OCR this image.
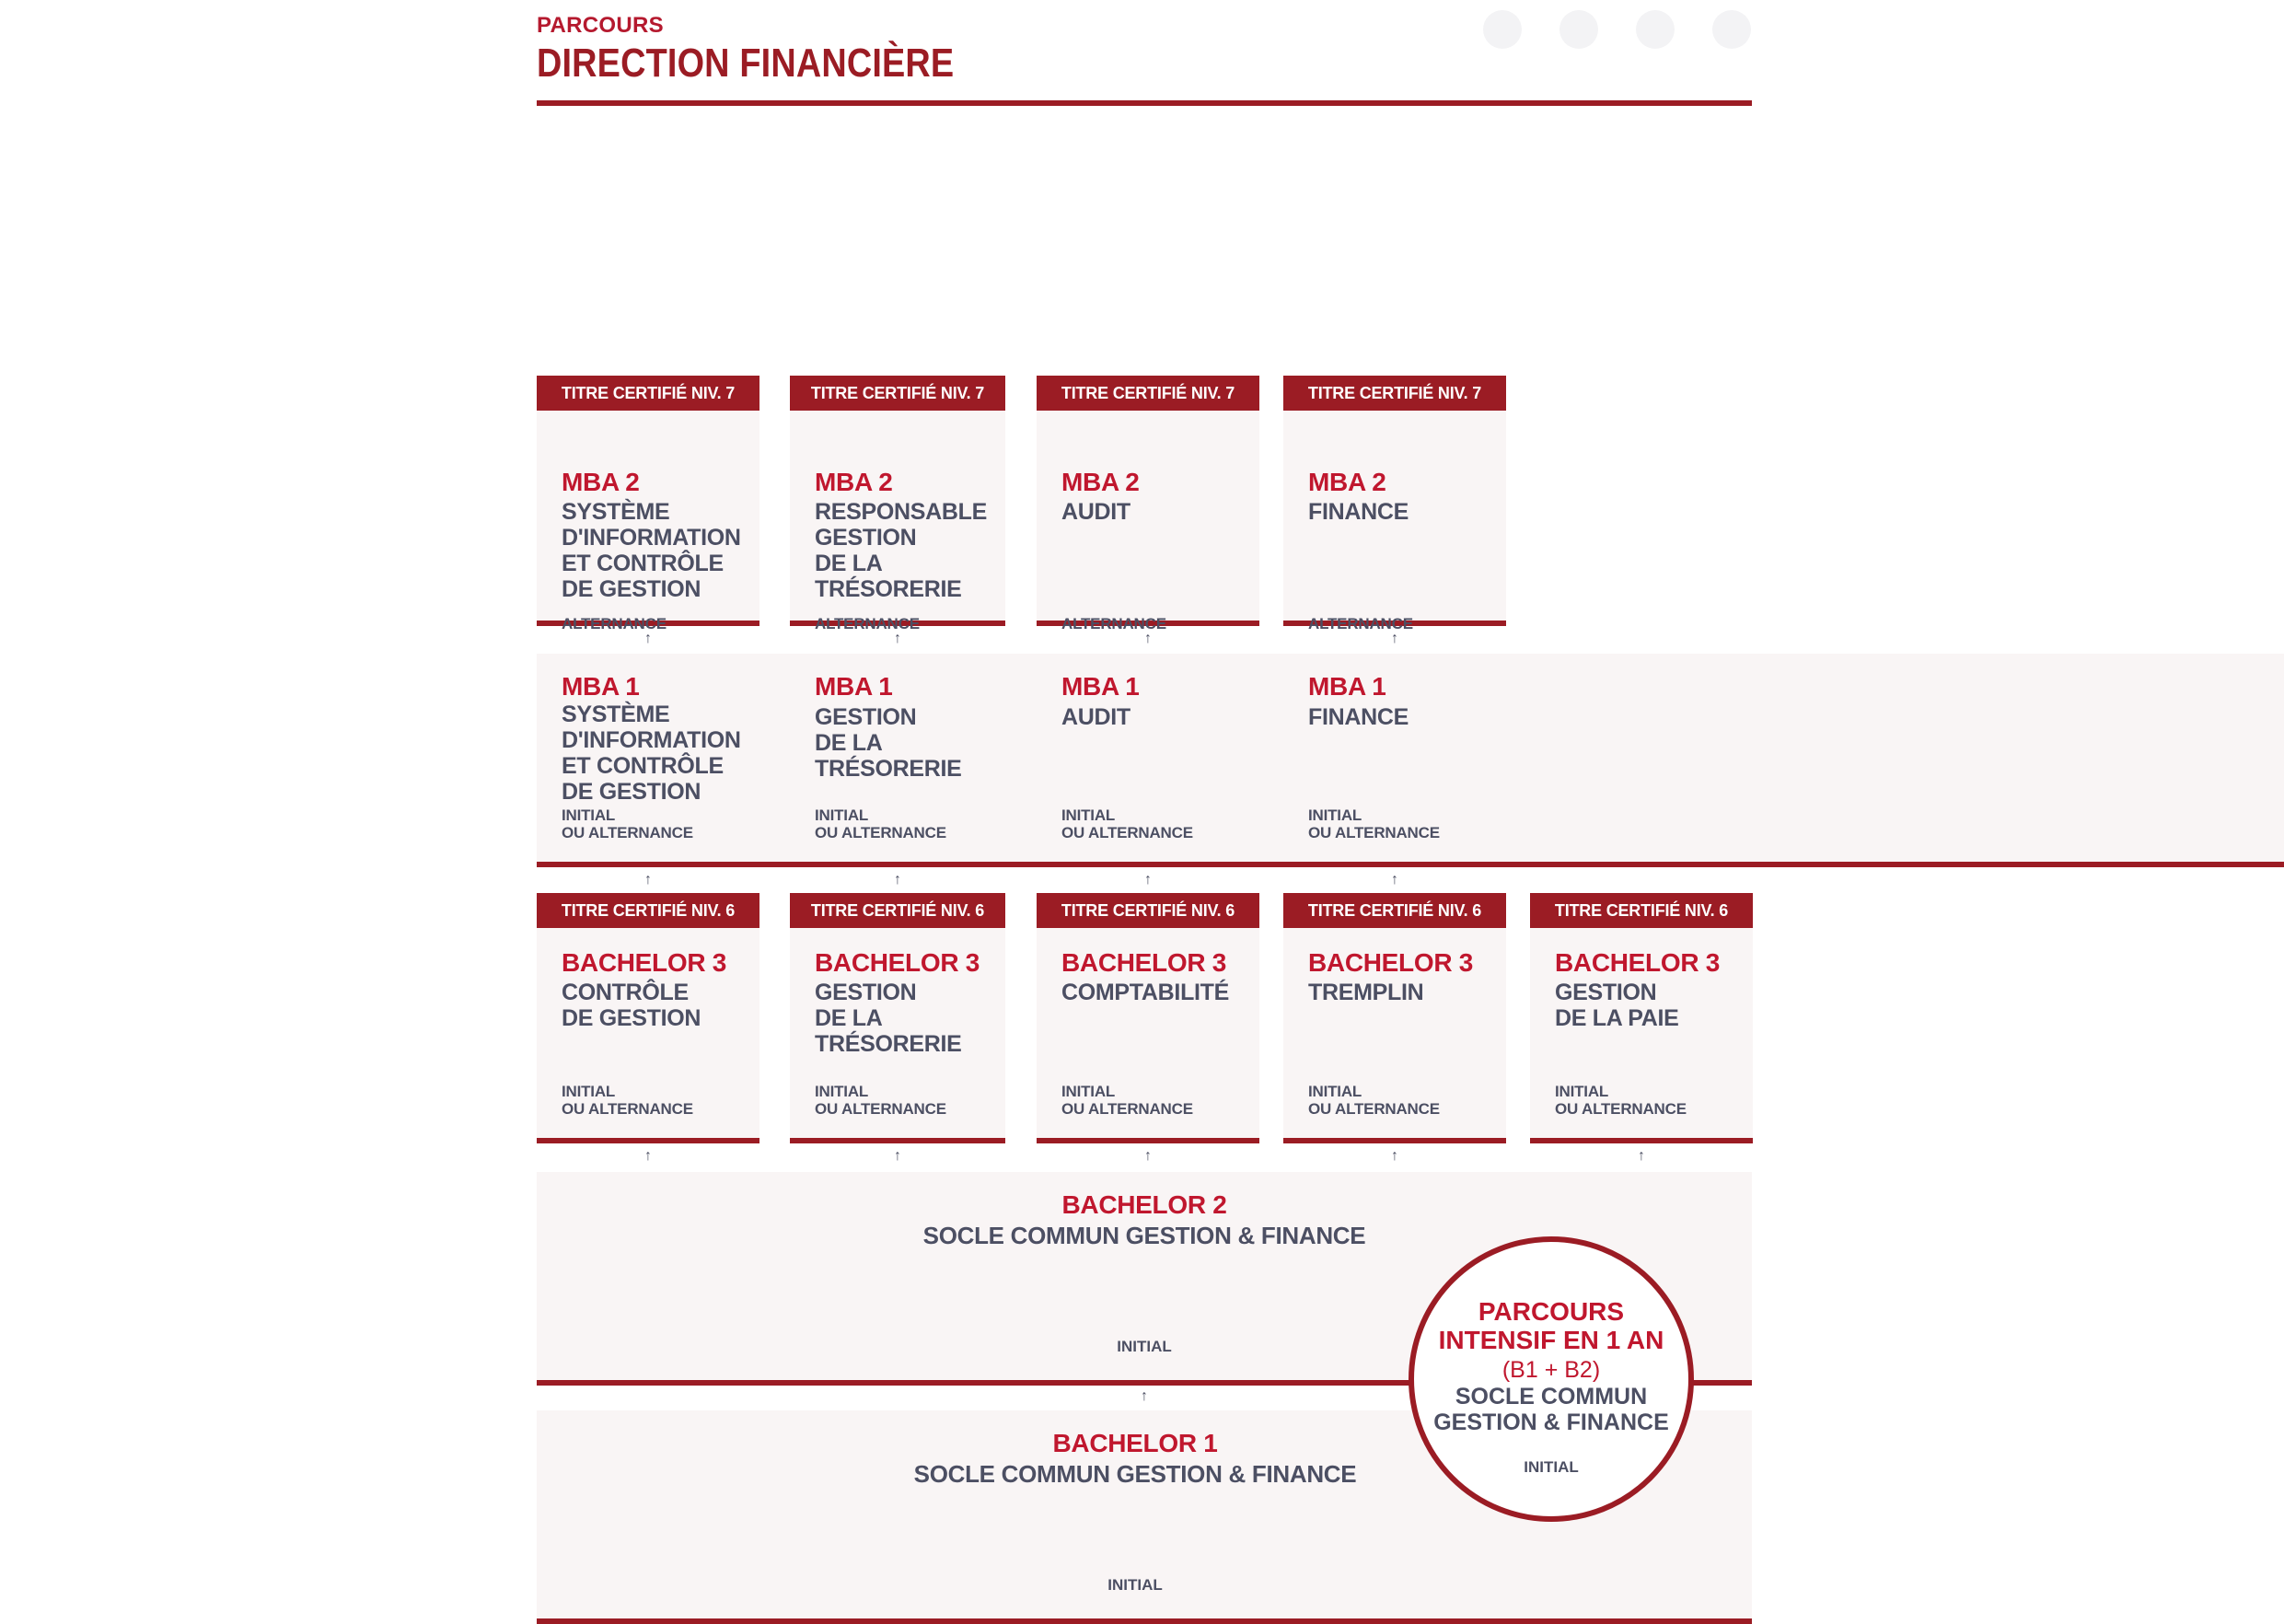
PARCOURS
DIRECTION FINANCIÈRE
TITRE CERTIFIÉ NIV. 7
MBA 2
SYSTÈME
D'INFORMATION
ET CONTRÔLE
DE GESTION
ALTERNANCE
TITRE CERTIFIÉ NIV. 7
MBA 2
RESPONSABLE
GESTION
DE LA
TRÉSORERIE
ALTERNANCE
TITRE CERTIFIÉ NIV. 7
MBA 2
AUDIT
ALTERNANCE
TITRE CERTIFIÉ NIV. 7
MBA 2
FINANCE
ALTERNANCE
↑	↑	↑	↑
MBA 1
SYSTÈME
D'INFORMATION
ET CONTRÔLE
DE GESTION
INITIAL
OU ALTERNANCE
MBA 1
GESTION
DE LA
TRÉSORERIE
INITIAL
OU ALTERNANCE
MBA 1
AUDIT
INITIAL
OU ALTERNANCE
MBA 1
FINANCE
INITIAL
OU ALTERNANCE
↑	↑	↑	↑
TITRE CERTIFIÉ NIV. 6
BACHELOR 3
CONTRÔLE
DE GESTION
INITIAL
OU ALTERNANCE
TITRE CERTIFIÉ NIV. 6
BACHELOR 3
GESTION
DE LA
TRÉSORERIE
INITIAL
OU ALTERNANCE
TITRE CERTIFIÉ NIV. 6
BACHELOR 3
COMPTABILITÉ
INITIAL
OU ALTERNANCE
TITRE CERTIFIÉ NIV. 6
BACHELOR 3
TREMPLIN
INITIAL
OU ALTERNANCE
TITRE CERTIFIÉ NIV. 6
BACHELOR 3
GESTION
DE LA PAIE
INITIAL
OU ALTERNANCE
↑	↑	↑	↑	↑
BACHELOR 2
SOCLE COMMUN GESTION & FINANCE
INITIAL
↑
BACHELOR 1
SOCLE COMMUN GESTION & FINANCE
INITIAL
PARCOURS
INTENSIF EN 1 AN
(B1 + B2)
SOCLE COMMUN
GESTION & FINANCE
INITIAL
